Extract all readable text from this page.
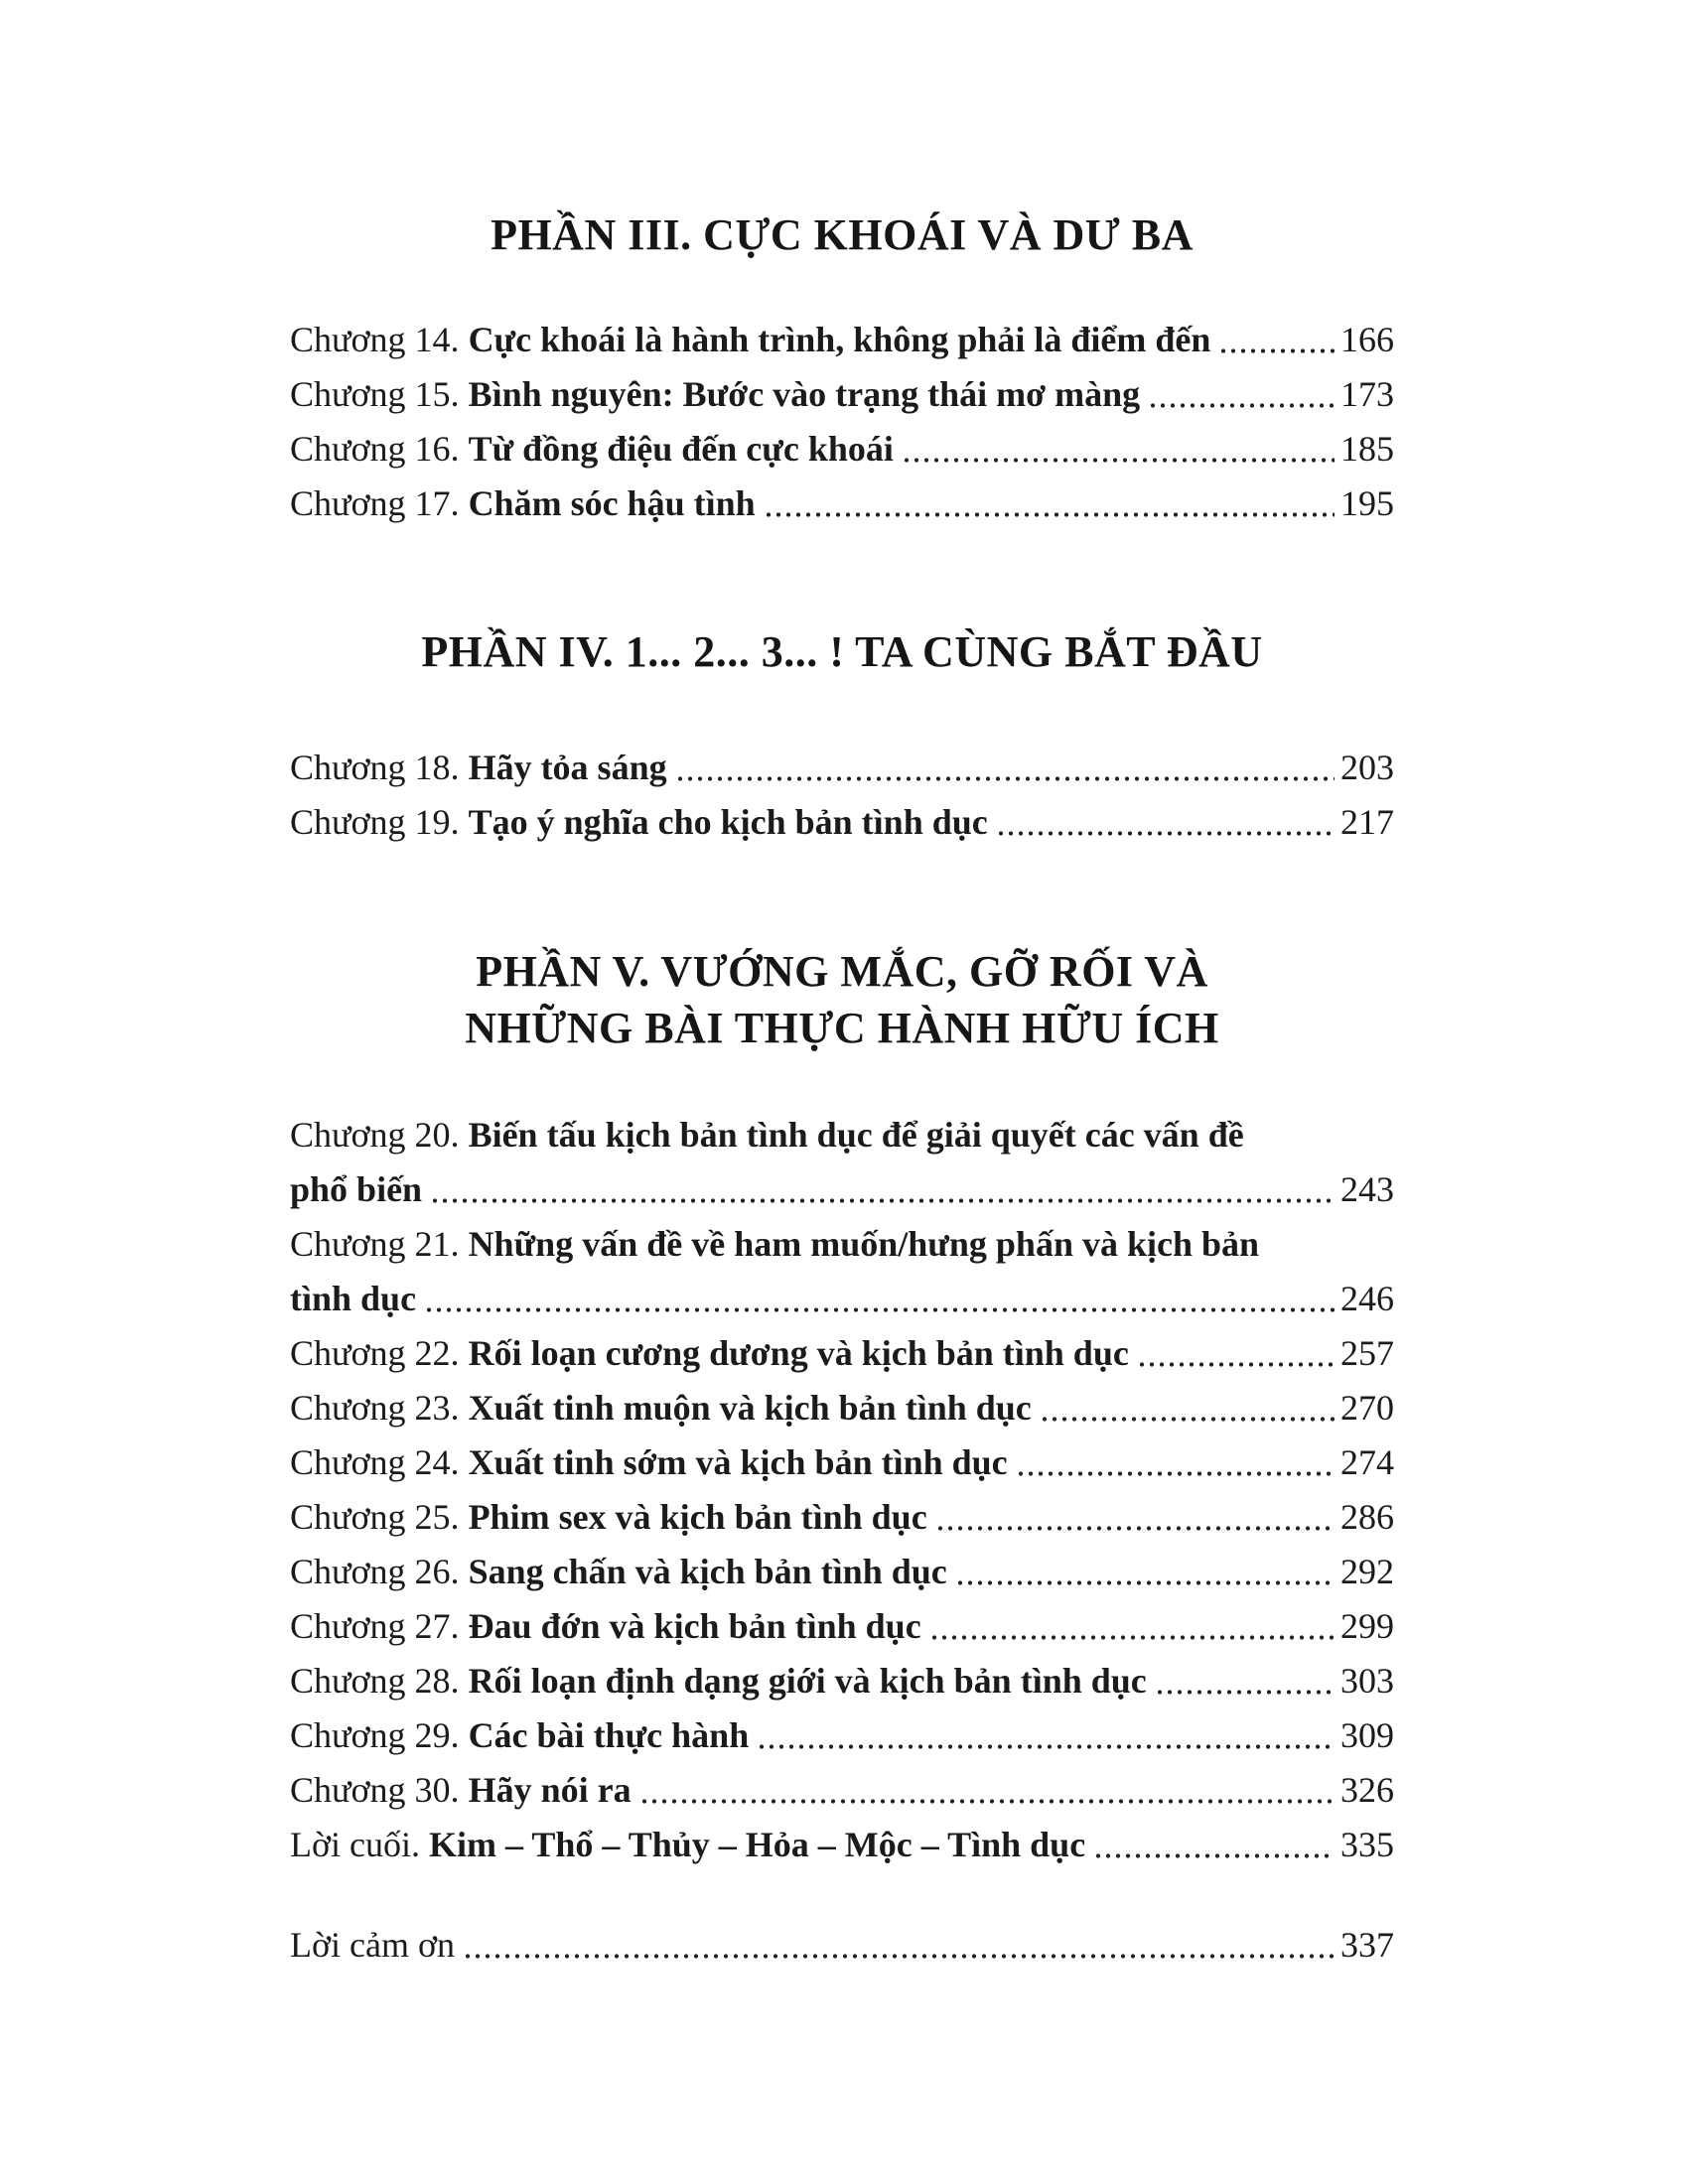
PHẦN III. CỰC KHOÁI VÀ DƯ BA
Chương 14. Cực khoái là hành trình, không phải là điểm đến	166
Chương 15. Bình nguyên: Bước vào trạng thái mơ màng	173
Chương 16. Từ đồng điệu đến cực khoái	185
Chương 17. Chăm sóc hậu tình	195
PHẦN IV. 1... 2... 3... ! TA CÙNG BẮT ĐẦU
Chương 18. Hãy tỏa sáng	203
Chương 19. Tạo ý nghĩa cho kịch bản tình dục	217
PHẦN V. VƯỚNG MẮC, GỠ RỐI VÀ
NHỮNG BÀI THỰC HÀNH HỮU ÍCH
Chương 20. Biến tấu kịch bản tình dục để giải quyết các vấn đề
phổ biến	243
Chương 21. Những vấn đề về ham muốn/hưng phấn và kịch bản
tình dục	246
Chương 22. Rối loạn cương dương và kịch bản tình dục	257
Chương 23. Xuất tinh muộn và kịch bản tình dục	270
Chương 24. Xuất tinh sớm và kịch bản tình dục	274
Chương 25. Phim sex và kịch bản tình dục	286
Chương 26. Sang chấn và kịch bản tình dục	292
Chương 27. Đau đớn và kịch bản tình dục	299
Chương 28. Rối loạn định dạng giới và kịch bản tình dục	303
Chương 29. Các bài thực hành	309
Chương 30. Hãy nói ra	326
Lời cuối. Kim – Thổ – Thủy – Hỏa – Mộc – Tình dục	335
Lời cảm ơn	337
